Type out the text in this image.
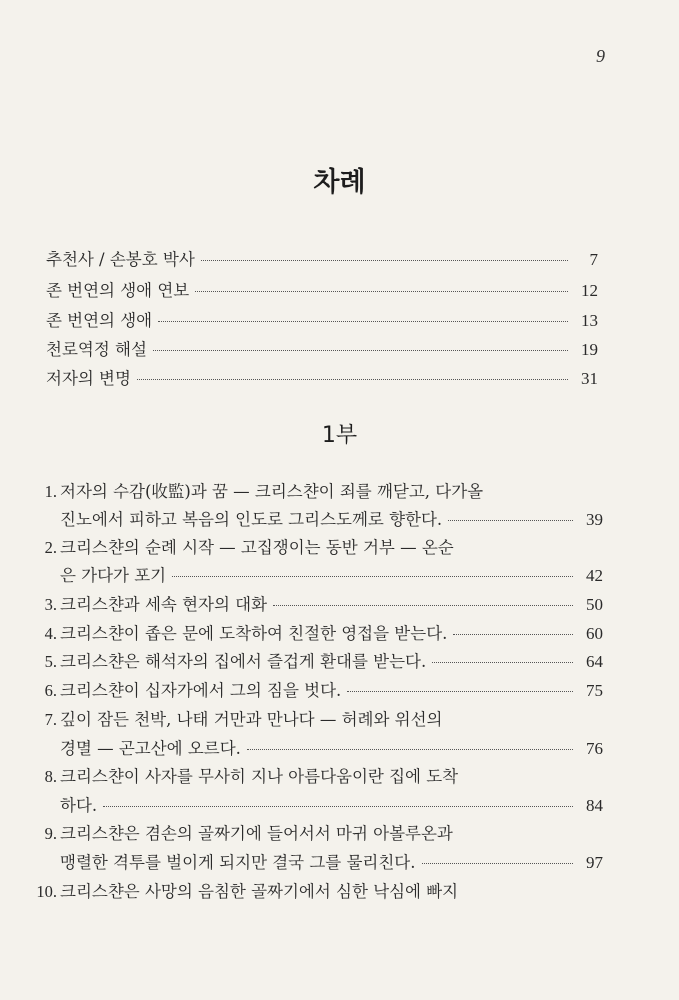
9
차례
추천사 / 손봉호 박사	7
존 번연의 생애 연보	12
존 번연의 생애	13
천로역정 해설	19
저자의 변명	31
1부
1. 저자의 수감(收監)과 꿈 — 크리스챤이 죄를 깨닫고, 다가올
진노에서 피하고 복음의 인도로 그리스도께로 향한다.	39
2. 크리스챤의 순례 시작 — 고집쟁이는 동반 거부 — 온순
은 가다가 포기	42
3. 크리스챤과 세속 현자의 대화	50
4. 크리스챤이 좁은 문에 도착하여 친절한 영접을 받는다.	60
5. 크리스챤은 해석자의 집에서 즐겁게 환대를 받는다.	64
6. 크리스챤이 십자가에서 그의 짐을 벗다.	75
7. 깊이 잠든 천박, 나태 거만과 만나다 — 허례와 위선의
경멸 — 곤고산에 오르다.	76
8. 크리스챤이 사자를 무사히 지나 아름다움이란 집에 도착
하다.	84
9. 크리스챤은 겸손의 골짜기에 들어서서 마귀 아볼루온과
맹렬한 격투를 벌이게 되지만 결국 그를 물리친다.	97
10. 크리스챤은 사망의 음침한 골짜기에서 심한 낙심에 빠지
